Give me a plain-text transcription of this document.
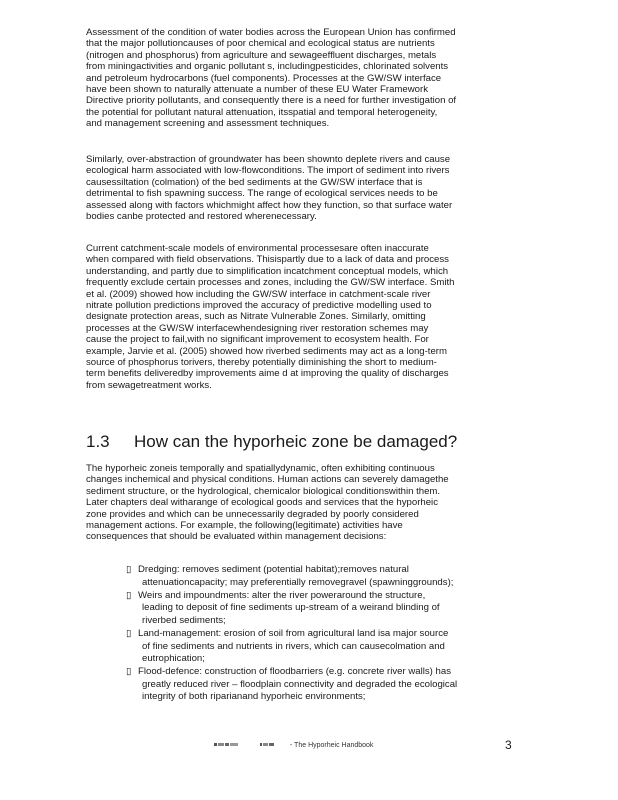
Assessment of the condition of water bodies across the European Union has confirmed
that the major pollutioncauses of poor chemical and ecological status are nutrients
(nitrogen and phosphorus) from agriculture and sewageeffluent discharges, metals
from miningactivities and organic pollutant s, includingpesticides, chlorinated solvents
and petroleum hydrocarbons (fuel components). Processes at the GW/SW interface
have been shown to naturally attenuate a number of these EU Water Framework
Directive priority pollutants, and consequently there is a need for further investigation of
the potential for pollutant natural attenuation, itsspatial and temporal heterogeneity,
and management screening and assessment techniques.

Similarly, over-abstraction of groundwater has been shownto deplete rivers and cause
ecological harm associated with low-flowconditions. The import of sediment into rivers
causessiltation (colmation) of the bed sediments at the GW/SW interface that is
detrimental to fish spawning success. The range of ecological services needs to be
assessed along with factors whichmight affect how they function, so that surface water
bodies canbe protected and restored wherenecessary.

Current catchment-scale models of environmental processesare often inaccurate
when compared with field observations. Thisispartly due to a lack of data and process
understanding, and partly due to simplification incatchment conceptual models, which
frequently exclude certain processes and zones, including the GW/SW interface. Smith
et al. (2009) showed how including the GW/SW interface in catchment-scale river
nitrate pollution predictions improved the accuracy of predictive modelling used to
designate protection areas, such as Nitrate Vulnerable Zones. Similarly, omitting
processes at the GW/SW interfacewhendesigning river restoration schemes may
cause the project to fail,with no significant improvement to ecosystem health. For
example, Jarvie et al. (2005) showed how riverbed sediments may act as a long-term
source of phosphorus torivers, thereby potentially diminishing the short to medium-
term benefits deliveredby improvements aime d at improving the quality of discharges
from sewagetreatment works.

1.3 How can the hyporheic zone be damaged?

The hyporheic zoneis temporally and spatiallydynamic, often exhibiting continuous
changes inchemical and physical conditions. Human actions can severely damagethe
sediment structure, or the hydrological, chemicalor biological conditionswithin them.
Later chapters deal witharange of ecological goods and services that the hyporheic
zone provides and which can be unnecessarily degraded by poorly considered
management actions. For example, the following(legitimate) activities have
consequences that should be evaluated within management decisions:

▯ Dredging: removes sediment (potential habitat);removes natural
attenuationcapacity; may preferentially removegravel (spawninggrounds);
▯ Weirs and impoundments: alter the river poweraround the structure,
leading to deposit of fine sediments up-stream of a weirand blinding of
riverbed sediments;
▯ Land-management: erosion of soil from agricultural land isa major source
of fine sediments and nutrients in rivers, which can causecolmation and
eutrophication;
▯ Flood-defence: construction of floodbarriers (e.g. concrete river walls) has
greatly reduced river – floodplain connectivity and degraded the ecological
integrity of both riparianand hyporheic environments;
- The Hyporheic Handbook	3
